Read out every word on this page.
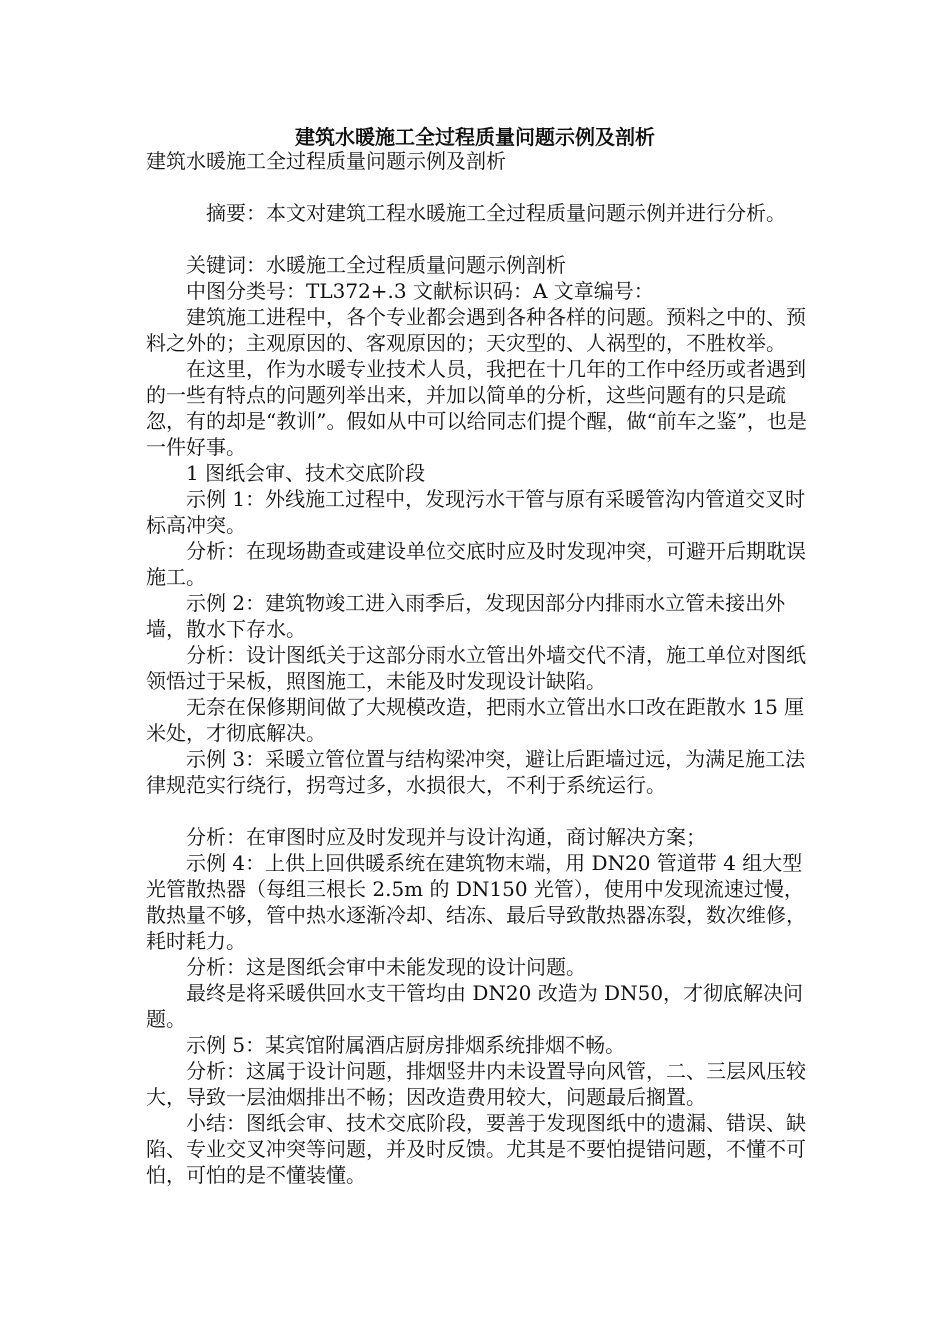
建筑水暖施工全过程质量问题示例及剖析

建筑水暖施工全过程质量问题示例及剖析

　摘要：本文对建筑工程水暖施工全过程质量问题示例并进行分析。

关键词：水暖施工全过程质量问题示例剖析

中图分类号：TL372+.3 文献标识码：A 文章编号：

建筑施工进程中，各个专业都会遇到各种各样的问题。预料之中的、预料之外的；主观原因的、客观原因的；天灾型的、人祸型的，不胜枚举。

在这里，作为水暖专业技术人员，我把在十几年的工作中经历或者遇到的一些有特点的问题列举出来，并加以简单的分析，这些问题有的只是疏忽，有的却是“教训”。假如从中可以给同志们提个醒，做“前车之鉴”，也是一件好事。

1 图纸会审、技术交底阶段

示例 1：外线施工过程中，发现污水干管与原有采暖管沟内管道交叉时标高冲突。

分析：在现场勘查或建设单位交底时应及时发现冲突，可避开后期耽误施工。

示例 2：建筑物竣工进入雨季后，发现因部分内排雨水立管未接出外墙，散水下存水。

分析：设计图纸关于这部分雨水立管出外墙交代不清，施工单位对图纸领悟过于呆板，照图施工，未能及时发现设计缺陷。

无奈在保修期间做了大规模改造，把雨水立管出水口改在距散水 15 厘米处，才彻底解决。

示例 3：采暖立管位置与结构梁冲突，避让后距墙过远，为满足施工法律规范实行绕行，拐弯过多，水损很大，不利于系统运行。

分析：在审图时应及时发现并与设计沟通，商讨解决方案；

示例 4：上供上回供暖系统在建筑物末端，用 DN20 管道带 4 组大型光管散热器（每组三根长 2.5m 的 DN150 光管），使用中发现流速过慢，散热量不够，管中热水逐渐冷却、结冻、最后导致散热器冻裂，数次维修，耗时耗力。

分析：这是图纸会审中未能发现的设计问题。

最终是将采暖供回水支干管均由 DN20 改造为 DN50，才彻底解决问题。

示例 5：某宾馆附属酒店厨房排烟系统排烟不畅。

分析：这属于设计问题，排烟竖井内未设置导向风管，二、三层风压较大，导致一层油烟排出不畅；因改造费用较大，问题最后搁置。

小结：图纸会审、技术交底阶段，要善于发现图纸中的遗漏、错误、缺陷、专业交叉冲突等问题，并及时反馈。尤其是不要怕提错问题，不懂不可怕，可怕的是不懂装懂。
